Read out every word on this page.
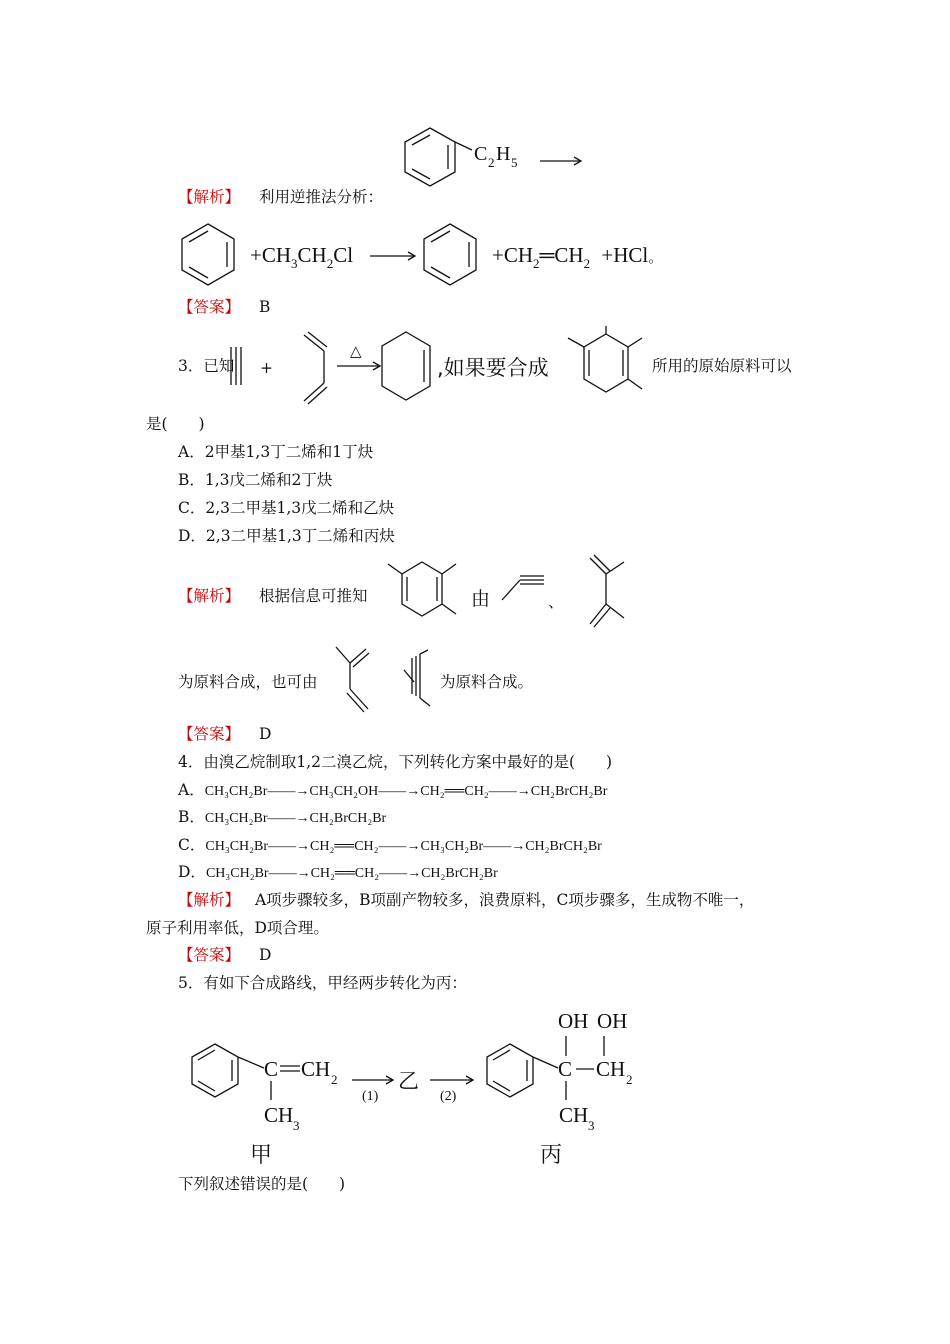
C 2 H 5
【解析】 利用逆推法分析：
$+CH_3CH_2Cl$ →	$+CH_2═CH_2 +HCl$。
【答案】 B
3．已知 +
△
,如果要合成	所用的原始原料可以
是(　　)
A．2甲基1,3丁二烯和1丁炔
B．1,3戊二烯和2丁炔
C．2,3二甲基1,3戊二烯和乙炔
D．2,3二甲基1,3丁二烯和丙炔
【解析】 根据信息可推知	由	、
为原料合成，也可由	为原料合成。
【答案】 D
4．由溴乙烷制取1,2二溴乙烷，下列转化方案中最好的是(　　)
A．CH₃CH₂Br——→CH₃CH₂OH——→CH₂══CH₂——→CH₂BrCH₂Br
B．CH₃CH₂Br——→CH₂BrCH₂Br
C．CH₃CH₂Br——→CH₂══CH₂——→CH₃CH₂Br——→CH₂BrCH₂Br
D．CH₃CH₂Br——→CH₂══CH₂——→CH₂BrCH₂Br
【解析】 A项步骤较多，B项副产物较多，浪费原料，C项步骤多，生成物不唯一，
原子利用率低，D项合理。
【答案】 D
5．有如下合成路线，甲经两步转化为丙：
C CH 2
CH 3
甲
(1)
乙
(2)
C CH 2
OH OH
CH 3
丙
下列叙述错误的是(　　)
